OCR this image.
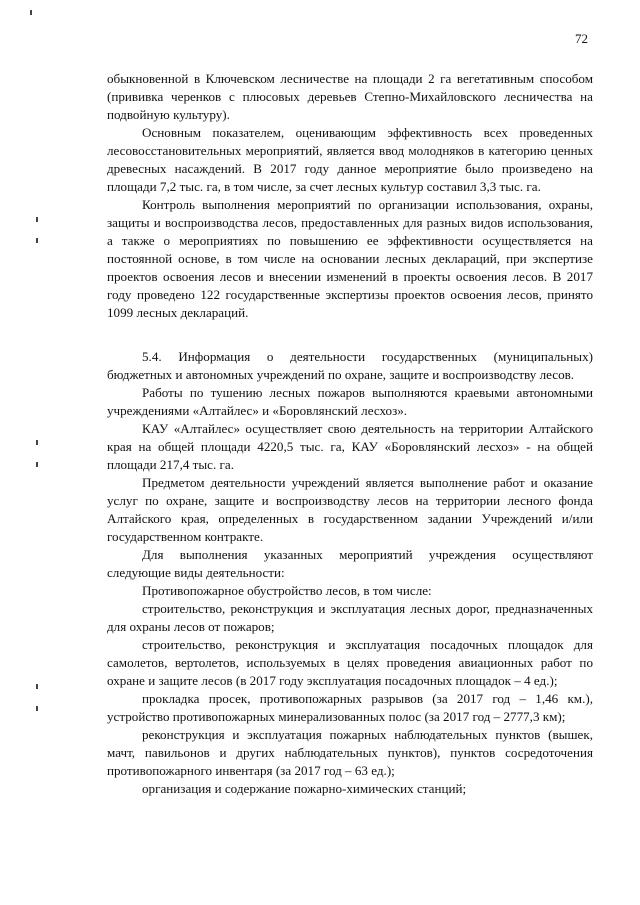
72

обыкновенной в Ключевском лесничестве на площади 2 га вегетативным способом (прививка черенков с плюсовых деревьев Степно-Михайловского лесничества на подвойную культуру).

Основным показателем, оценивающим эффективность всех проведенных лесовосстановительных мероприятий, является ввод молодняков в категорию ценных древесных насаждений. В 2017 году данное мероприятие было произведено на площади 7,2 тыс. га, в том числе, за счет лесных культур составил 3,3 тыс. га.

Контроль выполнения мероприятий по организации использования, охраны, защиты и воспроизводства лесов, предоставленных для разных видов использования, а также о мероприятиях по повышению ее эффективности осуществляется на постоянной основе, в том числе на основании лесных деклараций, при экспертизе проектов освоения лесов и внесении изменений в проекты освоения лесов. В 2017 году проведено 122 государственные экспертизы проектов освоения лесов, принято 1099 лесных деклараций.

5.4. Информация о деятельности государственных (муниципальных) бюджетных и автономных учреждений по охране, защите и воспроизводству лесов.

Работы по тушению лесных пожаров выполняются краевыми автономными учреждениями «Алтайлес» и «Боровлянский лесхоз».

КАУ «Алтайлес» осуществляет свою деятельность на территории Алтайского края на общей площади 4220,5 тыс. га, КАУ «Боровлянский лесхоз» - на общей площади 217,4 тыс. га.

Предметом деятельности учреждений является выполнение работ и оказание услуг по охране, защите и воспроизводству лесов на территории лесного фонда Алтайского края, определенных в государственном задании Учреждений и/или государственном контракте.

Для выполнения указанных мероприятий учреждения осуществляют следующие виды деятельности:

Противопожарное обустройство лесов, в том числе:

строительство, реконструкция и эксплуатация лесных дорог, предназначенных для охраны лесов от пожаров;

строительство, реконструкция и эксплуатация посадочных площадок для самолетов, вертолетов, используемых в целях проведения авиационных работ по охране и защите лесов (в 2017 году эксплуатация посадочных площадок – 4 ед.);

прокладка просек, противопожарных разрывов (за 2017 год – 1,46 км.), устройство противопожарных минерализованных полос (за 2017 год – 2777,3 км);

реконструкция и эксплуатация пожарных наблюдательных пунктов (вышек, мачт, павильонов и других наблюдательных пунктов), пунктов сосредоточения противопожарного инвентаря (за 2017 год – 63 ед.);

организация и содержание пожарно-химических станций;
